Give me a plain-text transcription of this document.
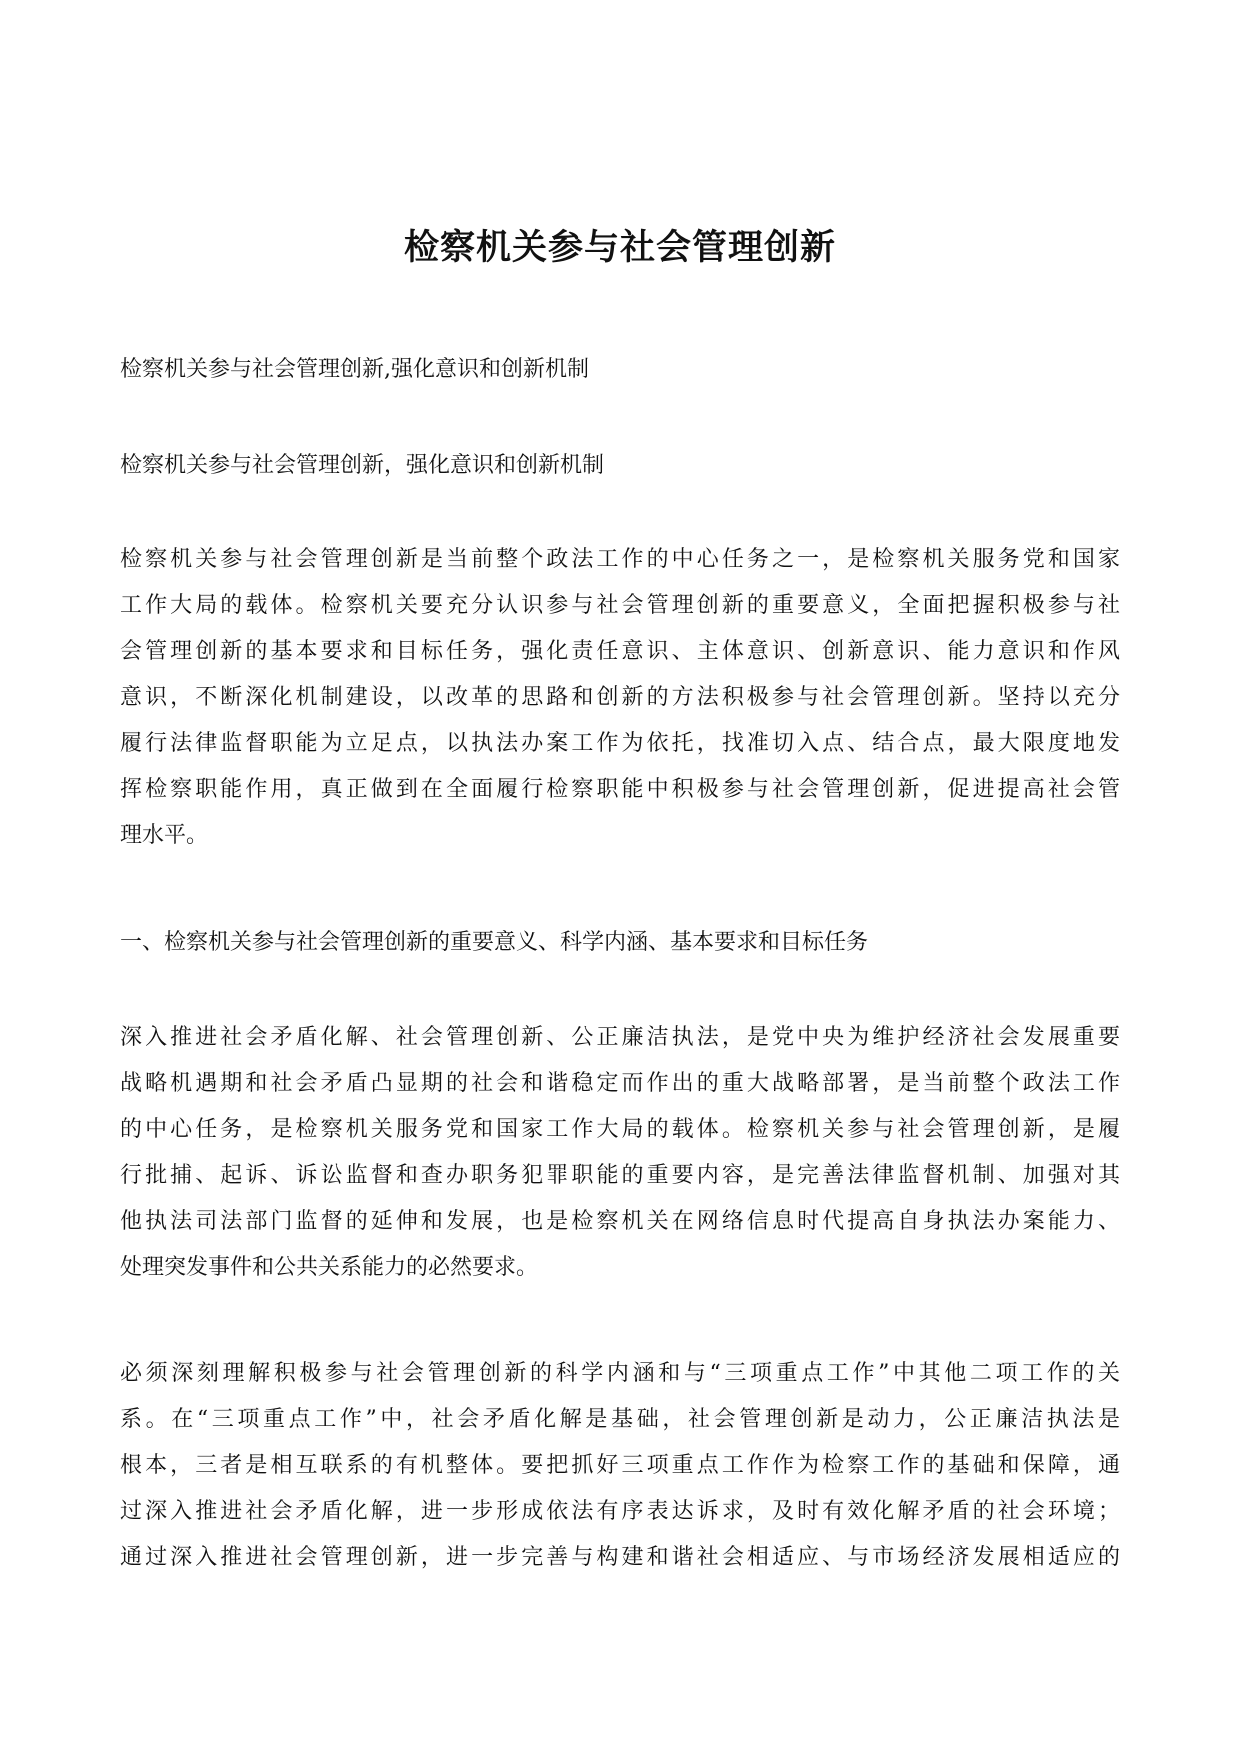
检察机关参与社会管理创新

检察机关参与社会管理创新,强化意识和创新机制

检察机关参与社会管理创新，强化意识和创新机制

检察机关参与社会管理创新是当前整个政法工作的中心任务之一，是检察机关服务党和国家

工作大局的载体。检察机关要充分认识参与社会管理创新的重要意义，全面把握积极参与社

会管理创新的基本要求和目标任务，强化责任意识、主体意识、创新意识、能力意识和作风

意识，不断深化机制建设，以改革的思路和创新的方法积极参与社会管理创新。坚持以充分

履行法律监督职能为立足点，以执法办案工作为依托，找准切入点、结合点，最大限度地发

挥检察职能作用，真正做到在全面履行检察职能中积极参与社会管理创新，促进提高社会管

理水平。

一、检察机关参与社会管理创新的重要意义、科学内涵、基本要求和目标任务

深入推进社会矛盾化解、社会管理创新、公正廉洁执法，是党中央为维护经济社会发展重要

战略机遇期和社会矛盾凸显期的社会和谐稳定而作出的重大战略部署，是当前整个政法工作

的中心任务，是检察机关服务党和国家工作大局的载体。检察机关参与社会管理创新，是履

行批捕、起诉、诉讼监督和查办职务犯罪职能的重要内容，是完善法律监督机制、加强对其

他执法司法部门监督的延伸和发展，也是检察机关在网络信息时代提高自身执法办案能力、

处理突发事件和公共关系能力的必然要求。

必须深刻理解积极参与社会管理创新的科学内涵和与“三项重点工作”中其他二项工作的关

系。在“三项重点工作”中，社会矛盾化解是基础，社会管理创新是动力，公正廉洁执法是

根本，三者是相互联系的有机整体。要把抓好三项重点工作作为检察工作的基础和保障，通

过深入推进社会矛盾化解，进一步形成依法有序表达诉求，及时有效化解矛盾的社会环境；

通过深入推进社会管理创新，进一步完善与构建和谐社会相适应、与市场经济发展相适应的
